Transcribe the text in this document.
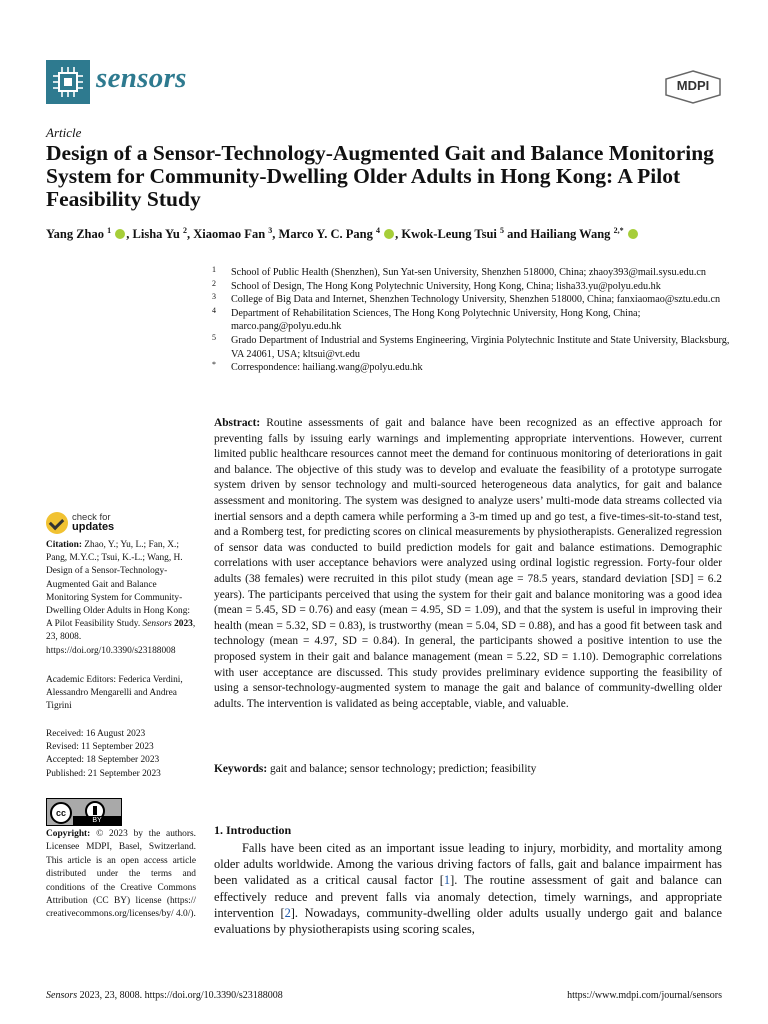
sensors	MDPI
Article
Design of a Sensor-Technology-Augmented Gait and Balance Monitoring System for Community-Dwelling Older Adults in Hong Kong: A Pilot Feasibility Study
Yang Zhao $^1$ , Lisha Yu $^2$, Xiaomao Fan $^3$, Marco Y. C. Pang $^4$ , Kwok-Leung Tsui $^5$ and Hailiang Wang $^{2,*}$
1 School of Public Health (Shenzhen), Sun Yat-sen University, Shenzhen 518000, China; zhaoy393@mail.sysu.edu.cn
2 School of Design, The Hong Kong Polytechnic University, Hong Kong, China; lisha33.yu@polyu.edu.hk
3 College of Big Data and Internet, Shenzhen Technology University, Shenzhen 518000, China; fanxiaomao@sztu.edu.cn
4 Department of Rehabilitation Sciences, The Hong Kong Polytechnic University, Hong Kong, China; marco.pang@polyu.edu.hk
5 Grado Department of Industrial and Systems Engineering, Virginia Polytechnic Institute and State University, Blacksburg, VA 24061, USA; kltsui@vt.edu
* Correspondence: hailiang.wang@polyu.edu.hk
Abstract: Routine assessments of gait and balance have been recognized as an effective approach for preventing falls by issuing early warnings and implementing appropriate interventions. However, current limited public healthcare resources cannot meet the demand for continuous monitoring of deteriorations in gait and balance. The objective of this study was to develop and evaluate the feasibility of a prototype surrogate system driven by sensor technology and multi-sourced heterogeneous data analytics, for gait and balance assessment and monitoring. The system was designed to analyze users’ multi-mode data streams collected via inertial sensors and a depth camera while performing a 3-m timed up and go test, a five-times-sit-to-stand test, and a Romberg test, for predicting scores on clinical measurements by physiotherapists. Generalized regression of sensor data was conducted to build prediction models for gait and balance estimations. Demographic correlations with user acceptance behaviors were analyzed using ordinal logistic regression. Forty-four older adults (38 females) were recruited in this pilot study (mean age = 78.5 years, standard deviation [SD] = 6.2 years). The participants perceived that using the system for their gait and balance monitoring was a good idea (mean = 5.45, SD = 0.76) and easy (mean = 4.95, SD = 1.09), and that the system is useful in improving their health (mean = 5.32, SD = 0.83), is trustworthy (mean = 5.04, SD = 0.88), and has a good fit between task and technology (mean = 4.97, SD = 0.84). In general, the participants showed a positive intention to use the proposed system in their gait and balance management (mean = 5.22, SD = 1.10). Demographic correlations with user acceptance are discussed. This study provides preliminary evidence supporting the feasibility of using a sensor-technology-augmented system to manage the gait and balance of community-dwelling older adults. The intervention is validated as being acceptable, viable, and valuable.
Keywords: gait and balance; sensor technology; prediction; feasibility
check for
updates
Citation: Zhao, Y.; Yu, L.; Fan, X.; Pang, M.Y.C.; Tsui, K.-L.; Wang, H. Design of a Sensor-Technology-Augmented Gait and Balance Monitoring System for Community-Dwelling Older Adults in Hong Kong: A Pilot Feasibility Study. Sensors 2023, 23, 8008. https://doi.org/10.3390/s23188008
Academic Editors: Federica Verdini, Alessandro Mengarelli and Andrea Tigrini
Received: 16 August 2023
Revised: 11 September 2023
Accepted: 18 September 2023
Published: 21 September 2023
cc
BY
Copyright: © 2023 by the authors. Licensee MDPI, Basel, Switzerland. This article is an open access article distributed under the terms and conditions of the Creative Commons Attribution (CC BY) license (https:// creativecommons.org/licenses/by/ 4.0/).
1. Introduction
Falls have been cited as an important issue leading to injury, morbidity, and mortality among older adults worldwide. Among the various driving factors of falls, gait and balance impairment has been validated as a critical causal factor [1]. The routine assessment of gait and balance can effectively reduce and prevent falls via anomaly detection, timely warnings, and appropriate intervention [2]. Nowadays, community-dwelling older adults usually undergo gait and balance evaluations by physiotherapists using scoring scales,
Sensors 2023, 23, 8008. https://doi.org/10.3390/s23188008	https://www.mdpi.com/journal/sensors
